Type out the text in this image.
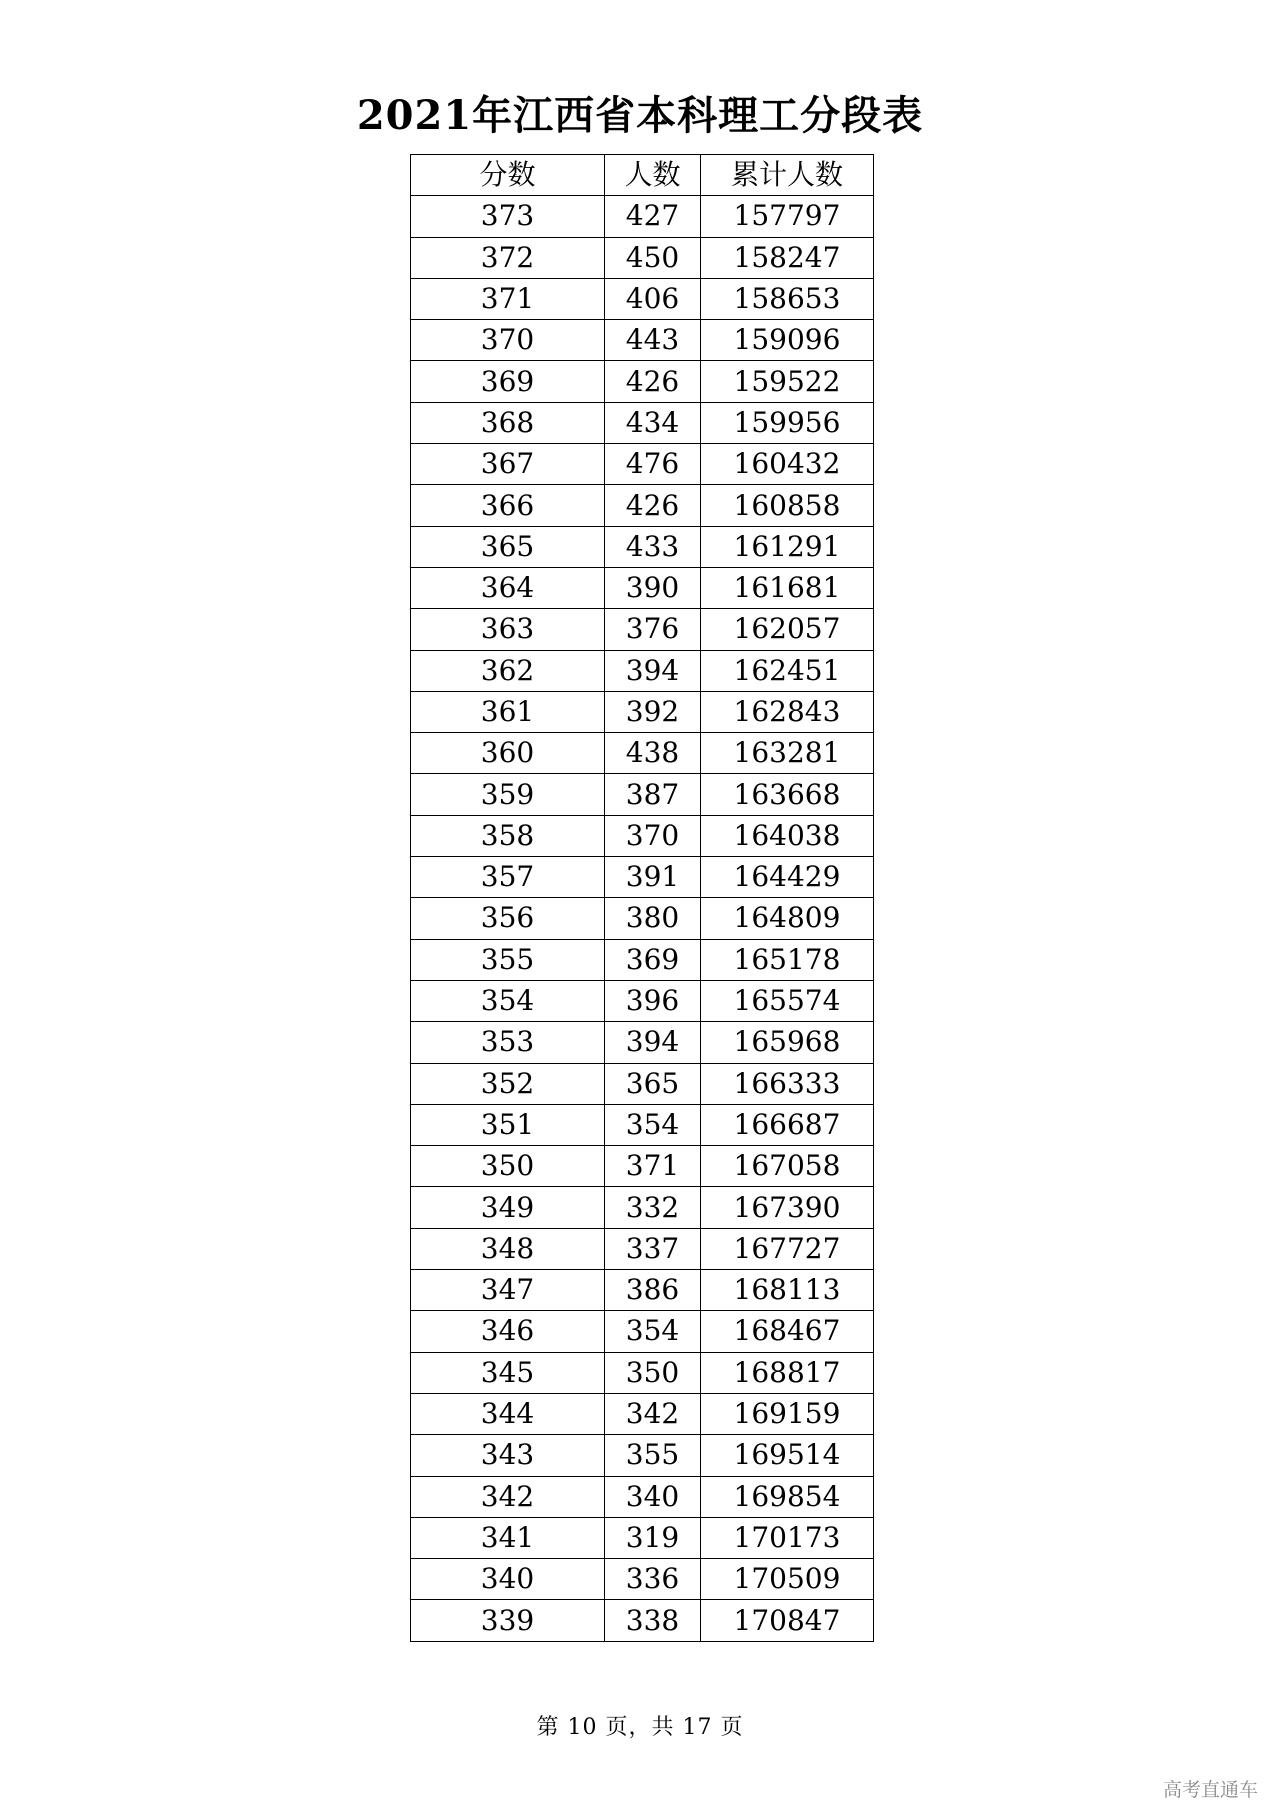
2021年江西省本科理工分段表
分数	人数	累计人数
373	427	157797
372	450	158247
371	406	158653
370	443	159096
369	426	159522
368	434	159956
367	476	160432
366	426	160858
365	433	161291
364	390	161681
363	376	162057
362	394	162451
361	392	162843
360	438	163281
359	387	163668
358	370	164038
357	391	164429
356	380	164809
355	369	165178
354	396	165574
353	394	165968
352	365	166333
351	354	166687
350	371	167058
349	332	167390
348	337	167727
347	386	168113
346	354	168467
345	350	168817
344	342	169159
343	355	169514
342	340	169854
341	319	170173
340	336	170509
339	338	170847
第 10 页，共 17 页
高考直通车
